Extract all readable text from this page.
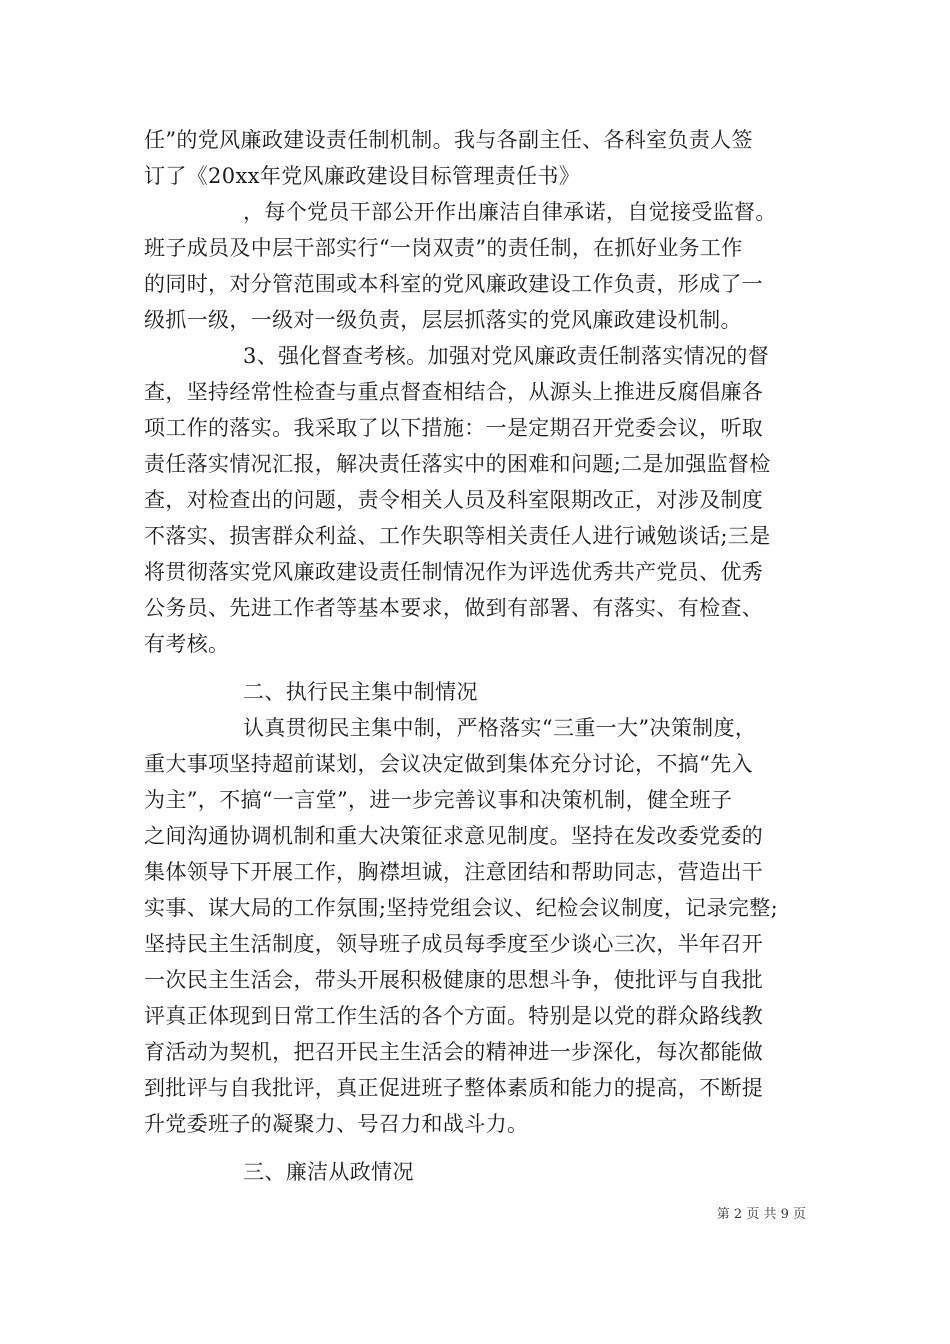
任”的党风廉政建设责任制机制。我与各副主任、各科室负责人签
订了《20xx年党风廉政建设目标管理责任书》
，每个党员干部公开作出廉洁自律承诺，自觉接受监督。
班子成员及中层干部实行“一岗双责”的责任制，在抓好业务工作
的同时，对分管范围或本科室的党风廉政建设工作负责，形成了一
级抓一级，一级对一级负责，层层抓落实的党风廉政建设机制。
3、强化督查考核。加强对党风廉政责任制落实情况的督
查，坚持经常性检查与重点督查相结合，从源头上推进反腐倡廉各
项工作的落实。我采取了以下措施：一是定期召开党委会议，听取
责任落实情况汇报，解决责任落实中的困难和问题;二是加强监督检
查，对检查出的问题，责令相关人员及科室限期改正，对涉及制度
不落实、损害群众利益、工作失职等相关责任人进行诫勉谈话;三是
将贯彻落实党风廉政建设责任制情况作为评选优秀共产党员、优秀
公务员、先进工作者等基本要求，做到有部署、有落实、有检查、
有考核。
二、执行民主集中制情况
认真贯彻民主集中制，严格落实“三重一大”决策制度，
重大事项坚持超前谋划，会议决定做到集体充分讨论，不搞“先入
为主”，不搞“一言堂”，进一步完善议事和决策机制，健全班子
之间沟通协调机制和重大决策征求意见制度。坚持在发改委党委的
集体领导下开展工作，胸襟坦诚，注意团结和帮助同志，营造出干
实事、谋大局的工作氛围;坚持党组会议、纪检会议制度，记录完整;
坚持民主生活制度，领导班子成员每季度至少谈心三次，半年召开
一次民主生活会，带头开展积极健康的思想斗争，使批评与自我批
评真正体现到日常工作生活的各个方面。特别是以党的群众路线教
育活动为契机，把召开民主生活会的精神进一步深化，每次都能做
到批评与自我批评，真正促进班子整体素质和能力的提高，不断提
升党委班子的凝聚力、号召力和战斗力。
三、廉洁从政情况
第 2 页 共 9 页
